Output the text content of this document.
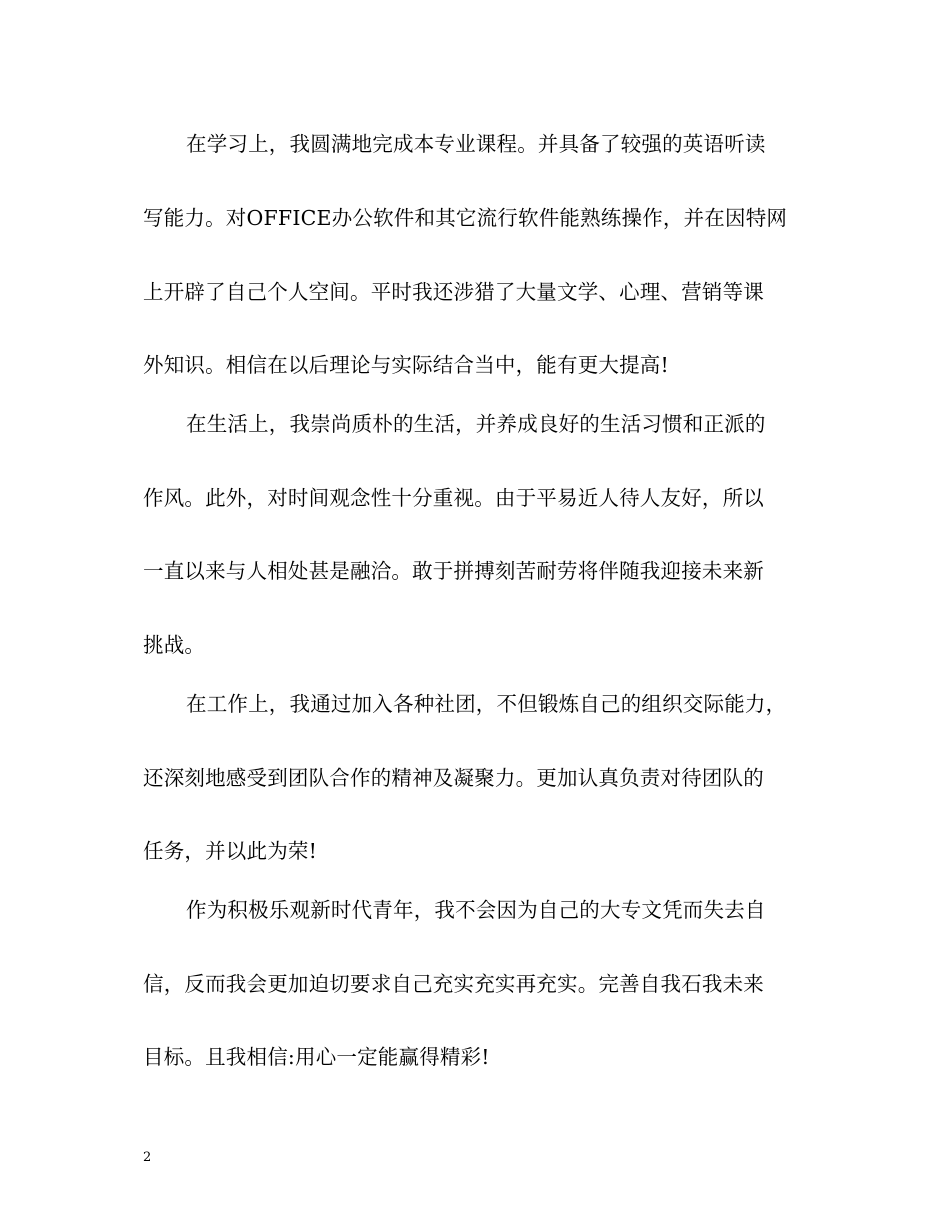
在学习上，我圆满地完成本专业课程。并具备了较强的英语听读
写能力。对OFFICE办公软件和其它流行软件能熟练操作，并在因特网
上开辟了自己个人空间。平时我还涉猎了大量文学、心理、营销等课
外知识。相信在以后理论与实际结合当中，能有更大提高!
在生活上，我崇尚质朴的生活，并养成良好的生活习惯和正派的
作风。此外，对时间观念性十分重视。由于平易近人待人友好，所以
一直以来与人相处甚是融洽。敢于拼搏刻苦耐劳将伴随我迎接未来新
挑战。
在工作上，我通过加入各种社团，不但锻炼自己的组织交际能力，
还深刻地感受到团队合作的精神及凝聚力。更加认真负责对待团队的
任务，并以此为荣!
作为积极乐观新时代青年，我不会因为自己的大专文凭而失去自
信，反而我会更加迫切要求自己充实充实再充实。完善自我石我未来
目标。且我相信:用心一定能赢得精彩!
2
